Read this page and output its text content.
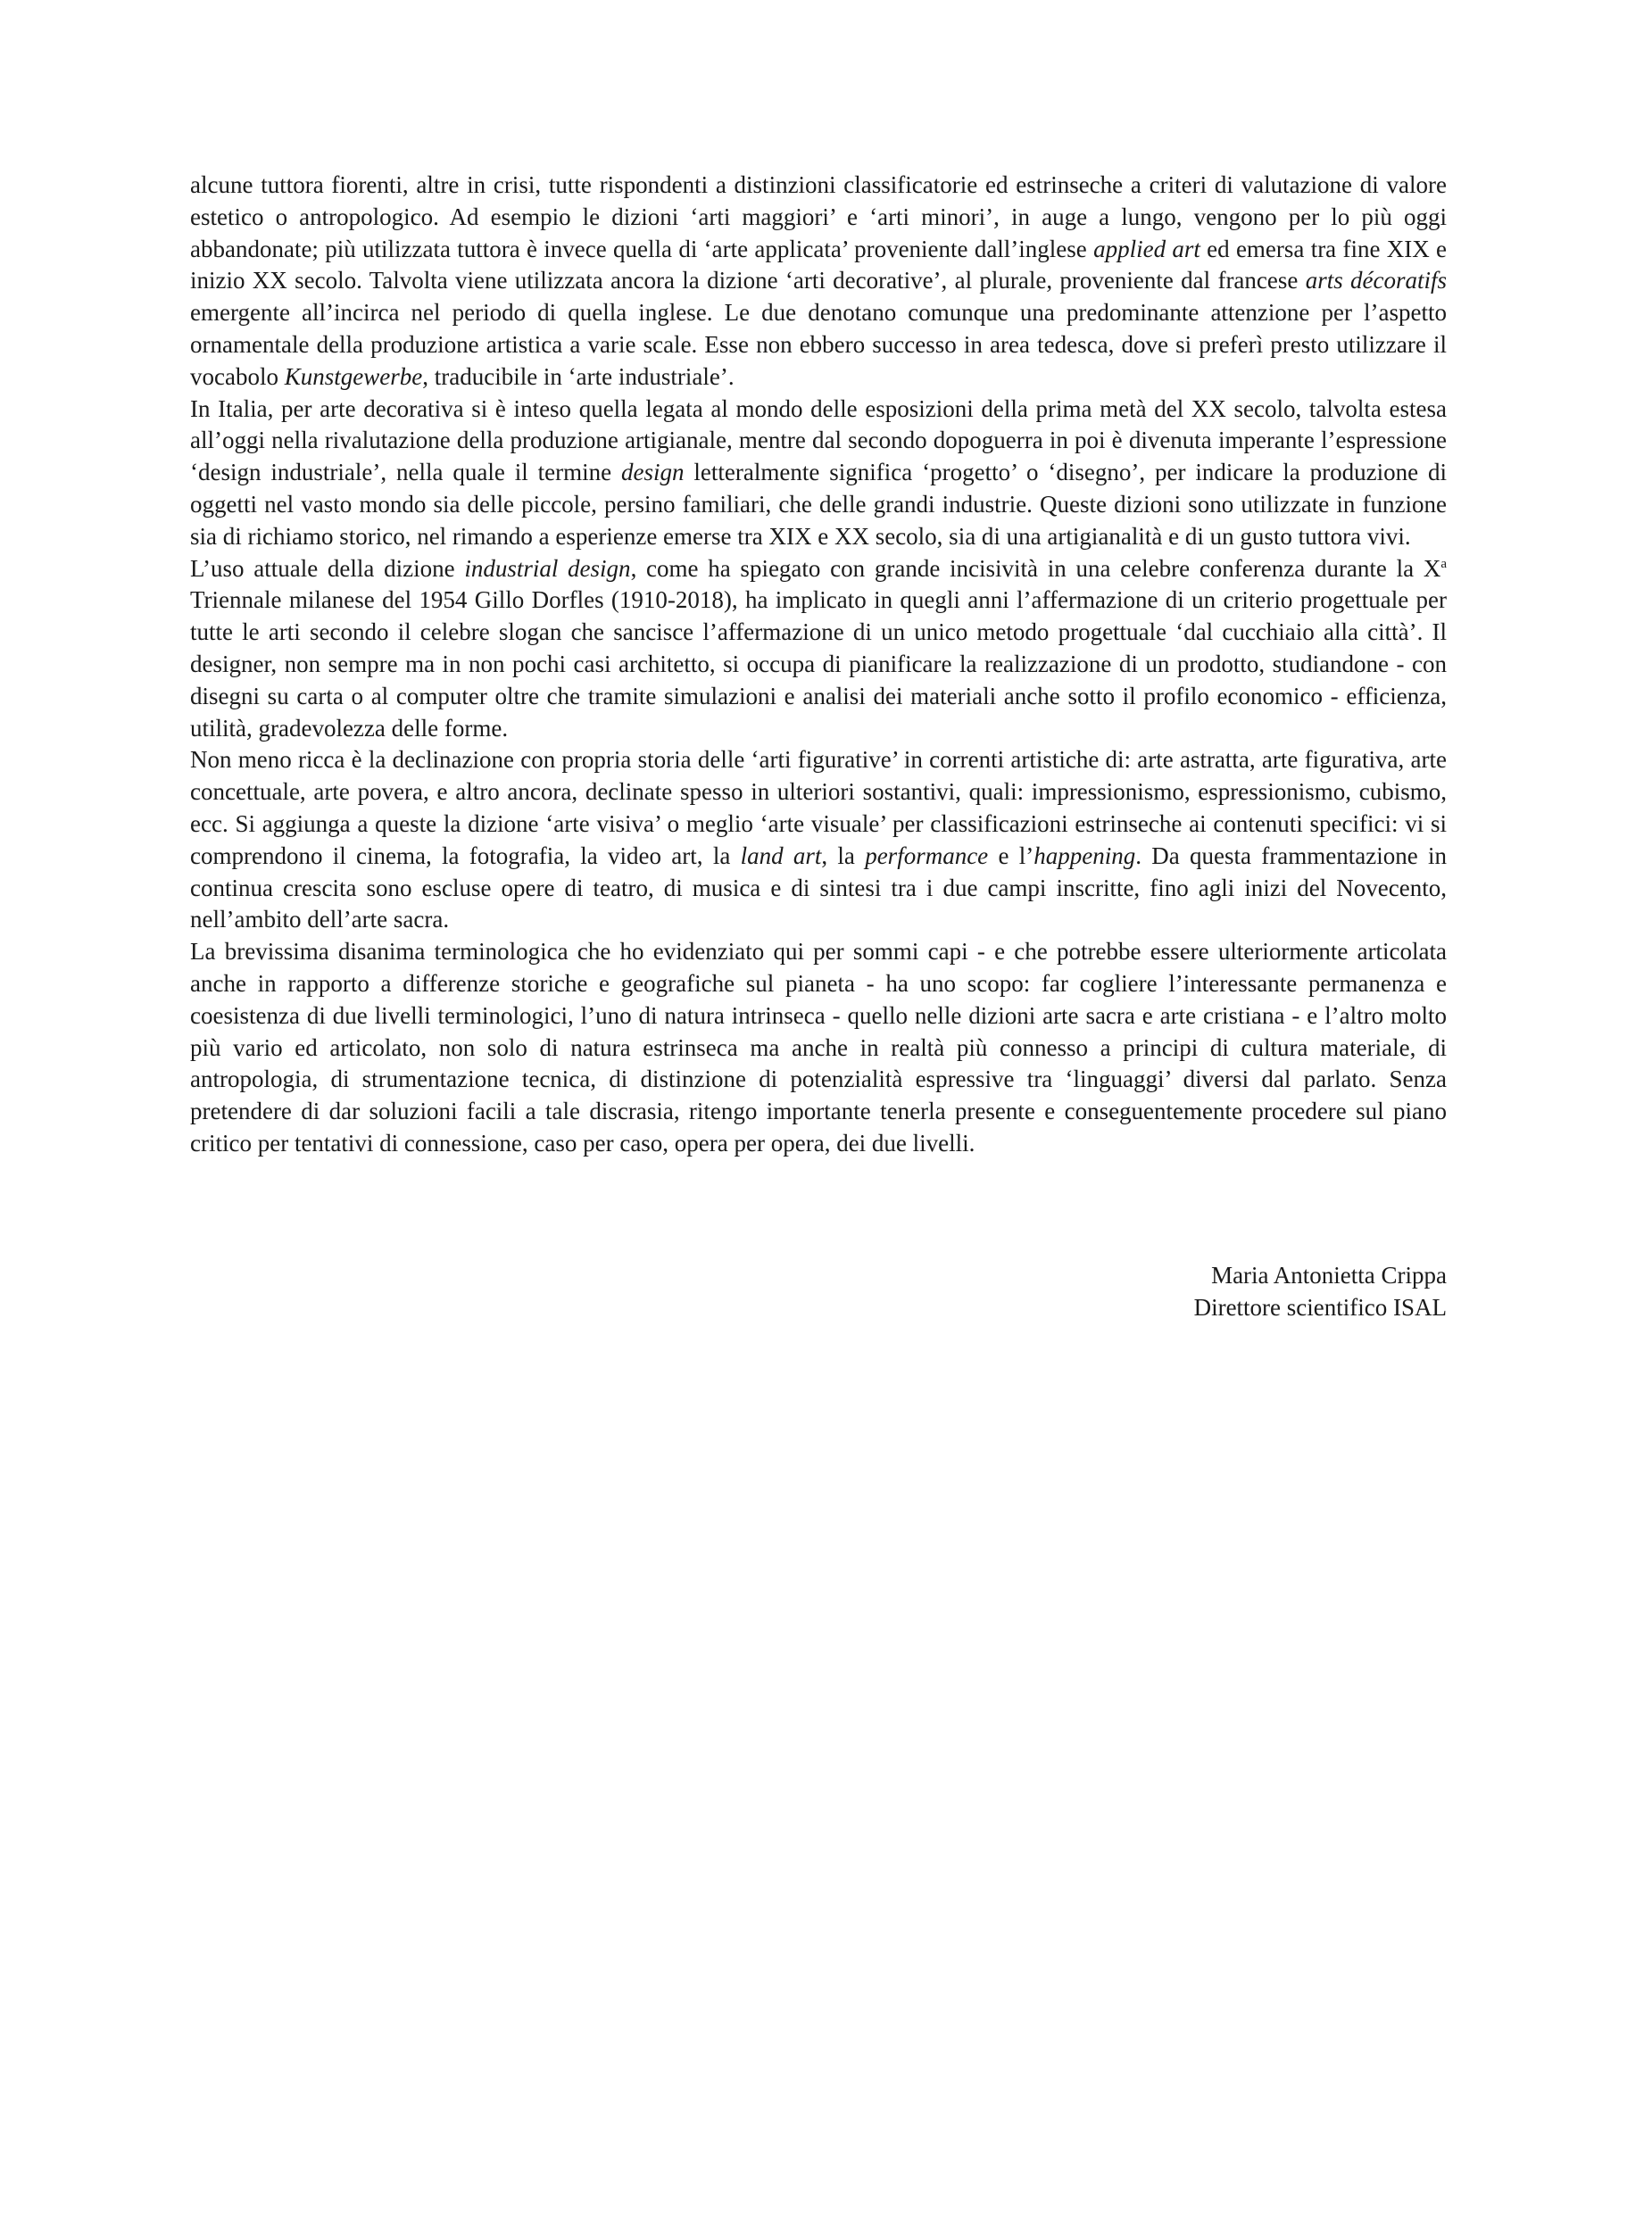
alcune tuttora fiorenti, altre in crisi, tutte rispondenti a distinzioni classificatorie ed estrinseche a criteri di valutazione di valore estetico o antropologico. Ad esempio le dizioni ‘arti maggiori’ e ‘arti minori’, in auge a lungo, vengono per lo più oggi abbandonate; più utilizzata tuttora è invece quella di ‘arte applicata’ proveniente dall’inglese applied art ed emersa tra fine XIX e inizio XX secolo. Talvolta viene utilizzata ancora la dizione ‘arti decorative’, al plurale, proveniente dal francese arts décoratifs emergente all’incirca nel periodo di quella inglese. Le due denotano comunque una predominante attenzione per l’aspetto ornamentale della produzione artistica a varie scale. Esse non ebbero successo in area tedesca, dove si preferì presto utilizzare il vocabolo Kunstgewerbe, traducibile in ‘arte industriale’.

In Italia, per arte decorativa si è inteso quella legata al mondo delle esposizioni della prima metà del XX secolo, talvolta estesa all’oggi nella rivalutazione della produzione artigianale, mentre dal secondo dopoguerra in poi è divenuta imperante l’espressione ‘design industriale’, nella quale il termine design letteralmente significa ‘progetto’ o ‘disegno’, per indicare la produzione di oggetti nel vasto mondo sia delle piccole, persino familiari, che delle grandi industrie. Queste dizioni sono utilizzate in funzione sia di richiamo storico, nel rimando a esperienze emerse tra XIX e XX secolo, sia di una artigianalità e di un gusto tuttora vivi.

L’uso attuale della dizione industrial design, come ha spiegato con grande incisività in una celebre conferenza durante la $X^a$ Triennale milanese del 1954 Gillo Dorfles (1910-2018), ha implicato in quegli anni l’affermazione di un criterio progettuale per tutte le arti secondo il celebre slogan che sancisce l’affermazione di un unico metodo progettuale ‘dal cucchiaio alla città’. Il designer, non sempre ma in non pochi casi architetto, si occupa di pianificare la realizzazione di un prodotto, studiandone - con disegni su carta o al computer oltre che tramite simulazioni e analisi dei materiali anche sotto il profilo economico - efficienza, utilità, gradevolezza delle forme.

Non meno ricca è la declinazione con propria storia delle ‘arti figurative’ in correnti artistiche di: arte astratta, arte figurativa, arte concettuale, arte povera, e altro ancora, declinate spesso in ulteriori sostantivi, quali: impressionismo, espressionismo, cubismo, ecc. Si aggiunga a queste la dizione ‘arte visiva’ o meglio ‘arte visuale’ per classificazioni estrinseche ai contenuti specifici: vi si comprendono il cinema, la fotografia, la video art, la land art, la performance e l’happening. Da questa frammentazione in continua crescita sono escluse opere di teatro, di musica e di sintesi tra i due campi inscritte, fino agli inizi del Novecento, nell’ambito dell’arte sacra.

La brevissima disanima terminologica che ho evidenziato qui per sommi capi - e che potrebbe essere ulteriormente articolata anche in rapporto a differenze storiche e geografiche sul pianeta - ha uno scopo: far cogliere l’interessante permanenza e coesistenza di due livelli terminologici, l’uno di natura intrinseca - quello nelle dizioni arte sacra e arte cristiana - e l’altro molto più vario ed articolato, non solo di natura estrinseca ma anche in realtà più connesso a principi di cultura materiale, di antropologia, di strumentazione tecnica, di distinzione di potenzialità espressive tra ‘linguaggi’ diversi dal parlato. Senza pretendere di dar soluzioni facili a tale discrasia, ritengo importante tenerla presente e conseguentemente procedere sul piano critico per tentativi di connessione, caso per caso, opera per opera, dei due livelli.

Maria Antonietta Crippa
Direttore scientifico ISAL
